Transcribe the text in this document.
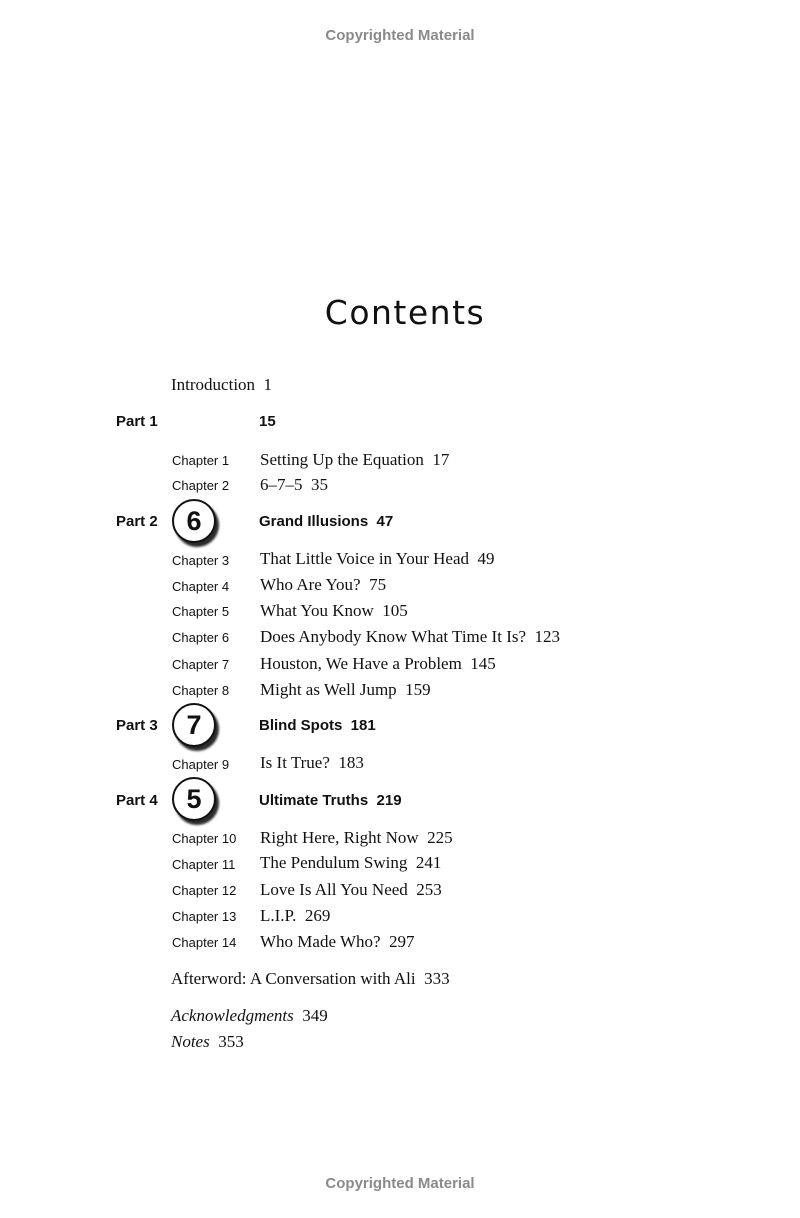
Copyrighted Material
Contents
Introduction  1
Part 1	15
Chapter 1 Setting Up the Equation  17
Chapter 2 6–7–5  35
Part 2	6	Grand Illusions  47
Chapter 3 That Little Voice in Your Head  49
Chapter 4 Who Are You?  75
Chapter 5 What You Know  105
Chapter 6 Does Anybody Know What Time It Is?  123
Chapter 7 Houston, We Have a Problem  145
Chapter 8 Might as Well Jump  159
Part 3	7	Blind Spots  181
Chapter 9 Is It True?  183
Part 4	5	Ultimate Truths  219
Chapter 10 Right Here, Right Now  225
Chapter 11 The Pendulum Swing  241
Chapter 12 Love Is All You Need  253
Chapter 13 L.I.P.  269
Chapter 14 Who Made Who?  297
Afterword: A Conversation with Ali  333
Acknowledgments  349
Notes  353
Copyrighted Material
